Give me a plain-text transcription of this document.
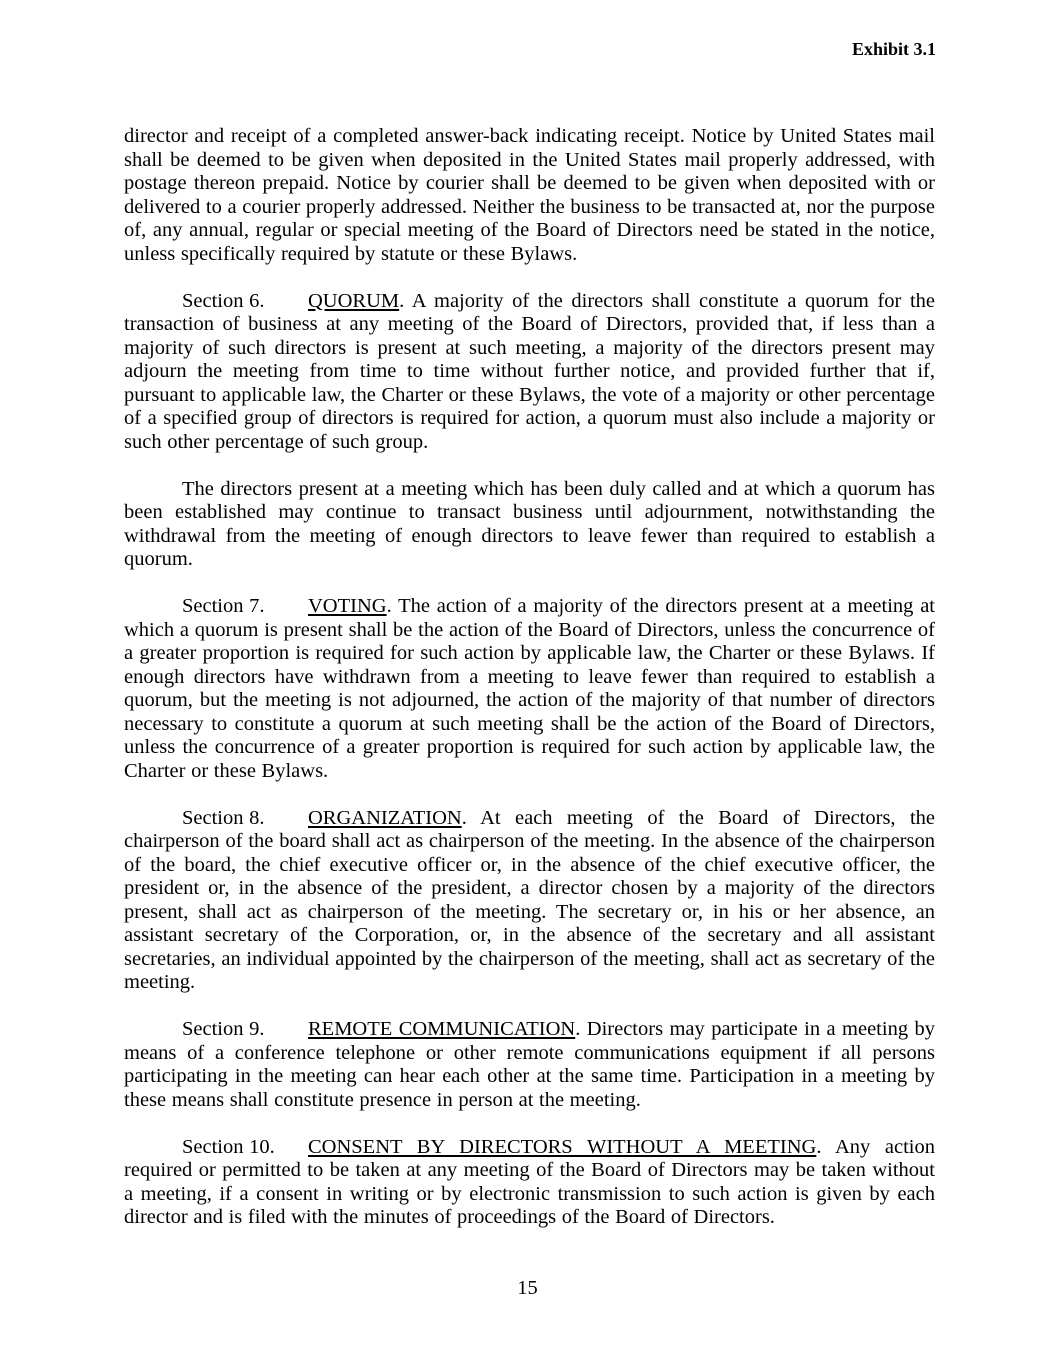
Exhibit 3.1

director and receipt of a completed answer-back indicating receipt. Notice by United States mail shall be deemed to be given when deposited in the United States mail properly addressed, with postage thereon prepaid. Notice by courier shall be deemed to be given when deposited with or delivered to a courier properly addressed. Neither the business to be transacted at, nor the purpose of, any annual, regular or special meeting of the Board of Directors need be stated in the notice, unless specifically required by statute or these Bylaws.

Section 6. QUORUM. A majority of the directors shall constitute a quorum for the transaction of business at any meeting of the Board of Directors, provided that, if less than a majority of such directors is present at such meeting, a majority of the directors present may adjourn the meeting from time to time without further notice, and provided further that if, pursuant to applicable law, the Charter or these Bylaws, the vote of a majority or other percentage of a specified group of directors is required for action, a quorum must also include a majority or such other percentage of such group.

The directors present at a meeting which has been duly called and at which a quorum has been established may continue to transact business until adjournment, notwithstanding the withdrawal from the meeting of enough directors to leave fewer than required to establish a quorum.

Section 7. VOTING. The action of a majority of the directors present at a meeting at which a quorum is present shall be the action of the Board of Directors, unless the concurrence of a greater proportion is required for such action by applicable law, the Charter or these Bylaws. If enough directors have withdrawn from a meeting to leave fewer than required to establish a quorum, but the meeting is not adjourned, the action of the majority of that number of directors necessary to constitute a quorum at such meeting shall be the action of the Board of Directors, unless the concurrence of a greater proportion is required for such action by applicable law, the Charter or these Bylaws.

Section 8. ORGANIZATION. At each meeting of the Board of Directors, the chairperson of the board shall act as chairperson of the meeting. In the absence of the chairperson of the board, the chief executive officer or, in the absence of the chief executive officer, the president or, in the absence of the president, a director chosen by a majority of the directors present, shall act as chairperson of the meeting. The secretary or, in his or her absence, an assistant secretary of the Corporation, or, in the absence of the secretary and all assistant secretaries, an individual appointed by the chairperson of the meeting, shall act as secretary of the meeting.

Section 9. REMOTE COMMUNICATION. Directors may participate in a meeting by means of a conference telephone or other remote communications equipment if all persons participating in the meeting can hear each other at the same time. Participation in a meeting by these means shall constitute presence in person at the meeting.

Section 10. CONSENT BY DIRECTORS WITHOUT A MEETING. Any action required or permitted to be taken at any meeting of the Board of Directors may be taken without a meeting, if a consent in writing or by electronic transmission to such action is given by each director and is filed with the minutes of proceedings of the Board of Directors.

15
